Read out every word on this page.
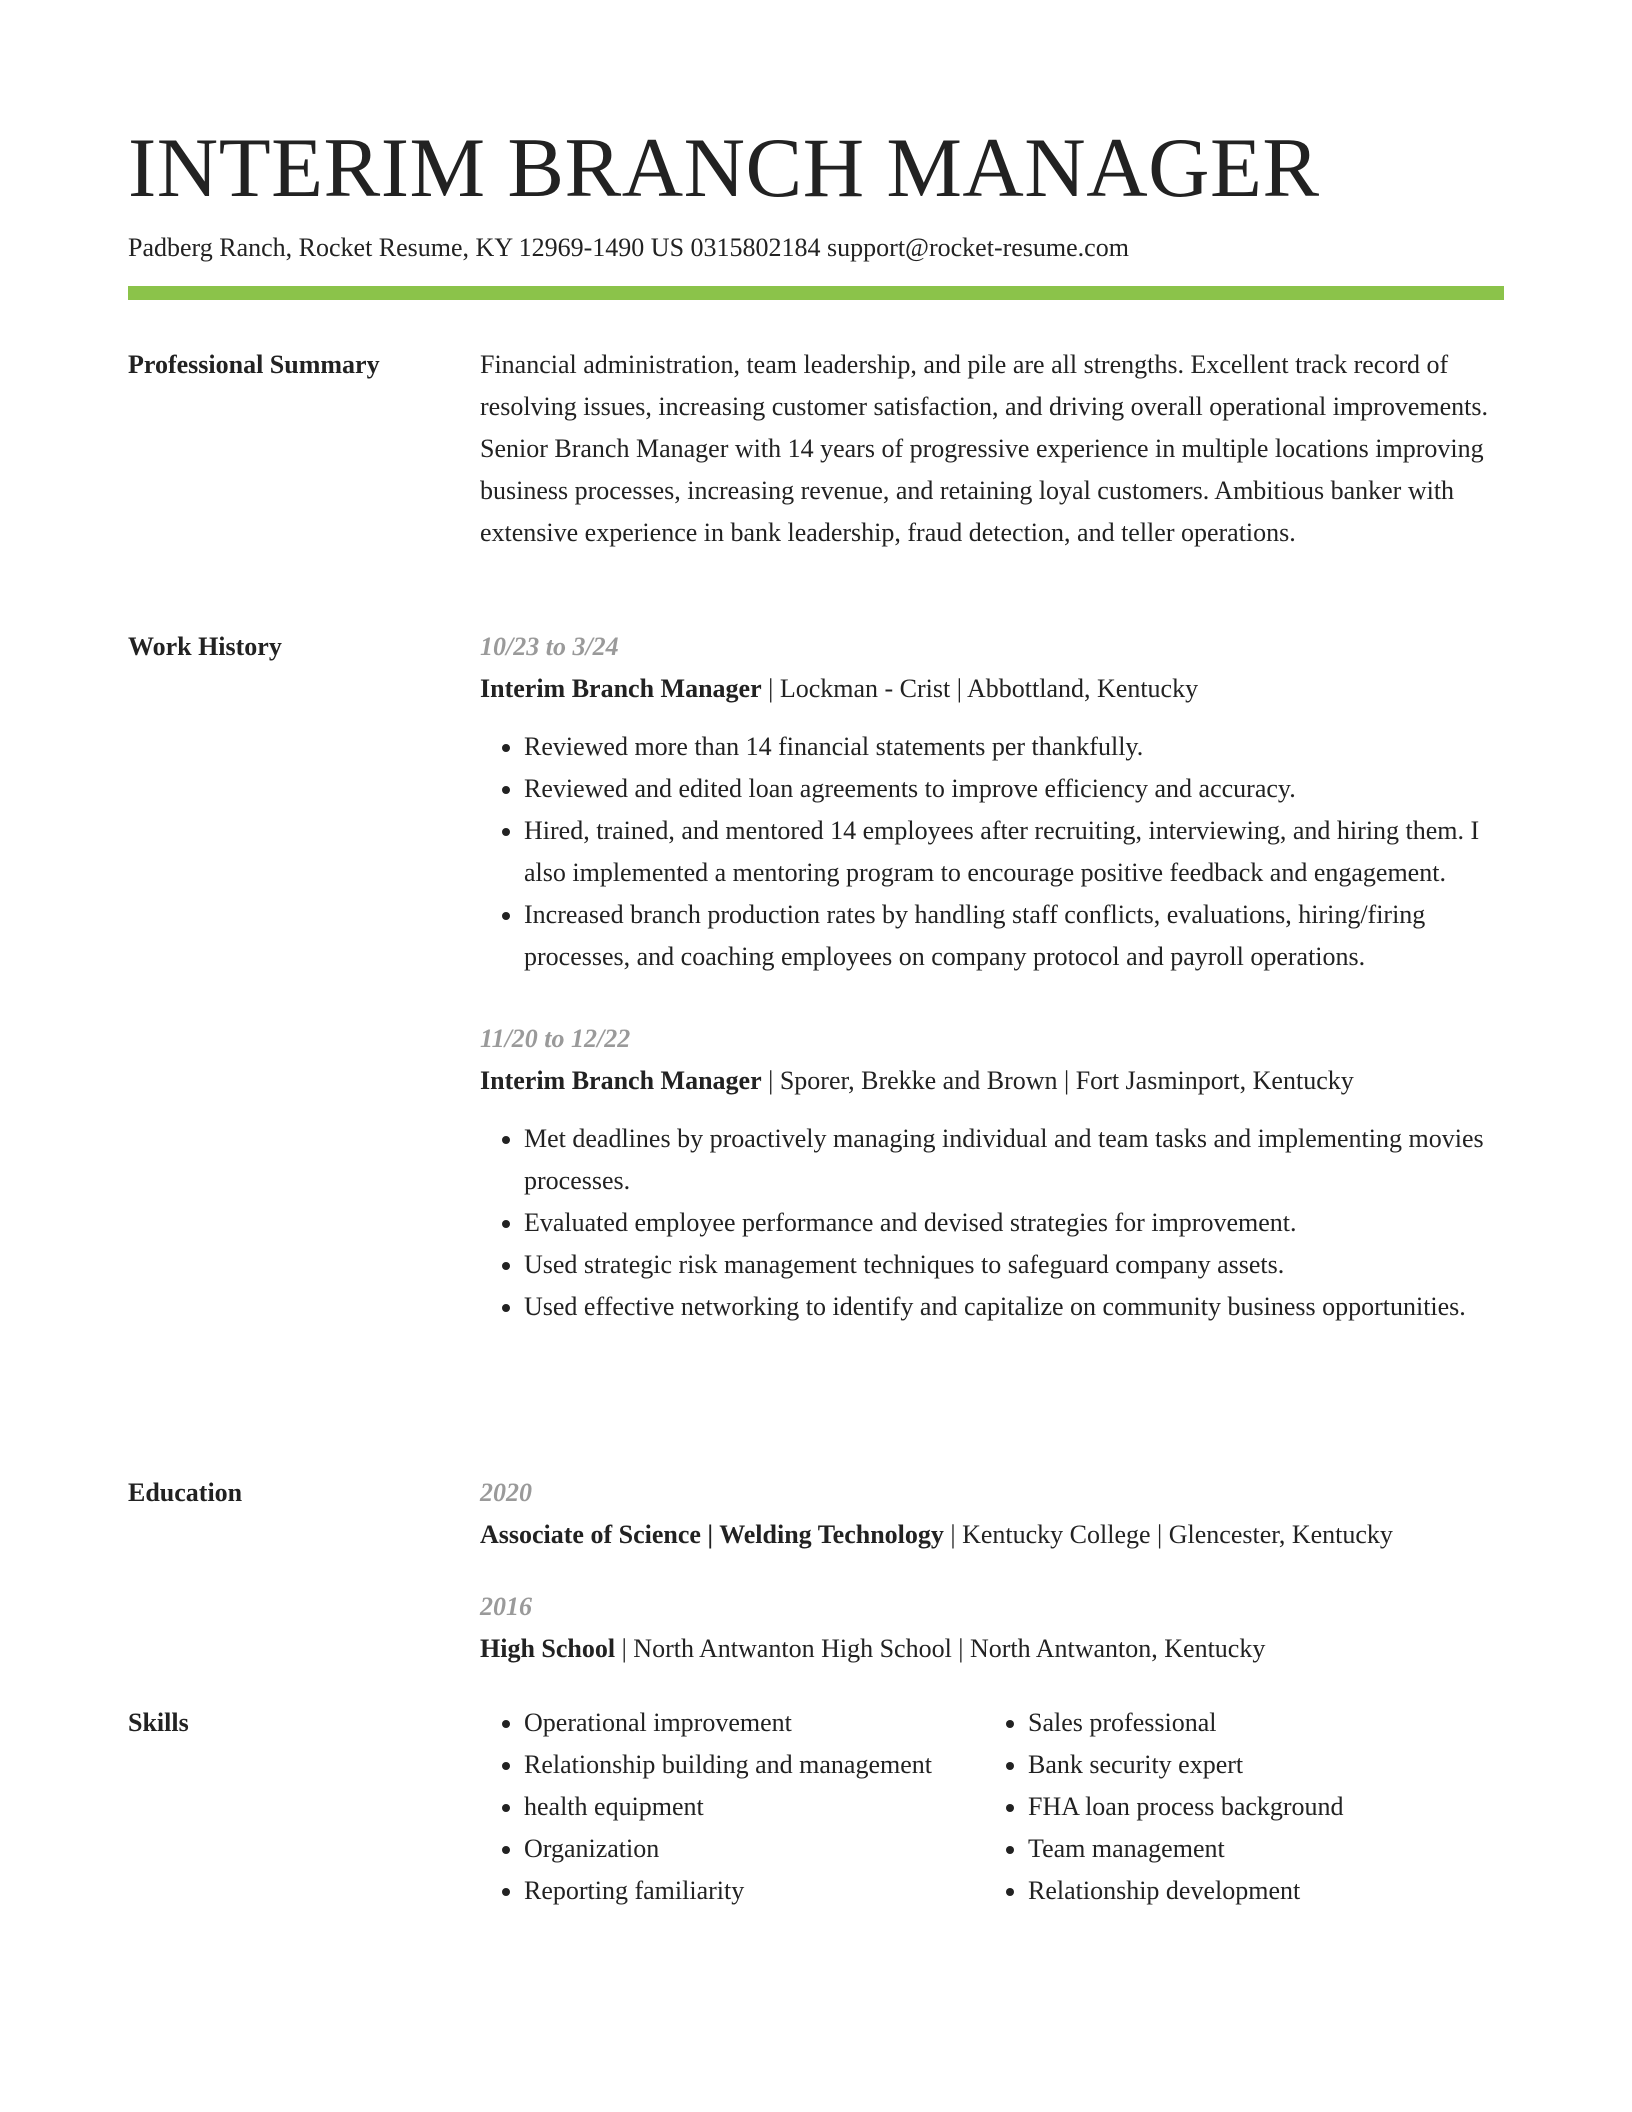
INTERIM BRANCH MANAGER
Padberg Ranch, Rocket Resume, KY 12969-1490 US 0315802184 support@rocket-resume.com
Professional Summary	Financial administration, team leadership, and pile are all strengths. Excellent track record of resolving issues, increasing customer satisfaction, and driving overall operational improvements. Senior Branch Manager with 14 years of progressive experience in multiple locations improving business processes, increasing revenue, and retaining loyal customers. Ambitious banker with extensive experience in bank leadership, fraud detection, and teller operations.

Work History	10/23 to 3/24
Interim Branch Manager | Lockman - Crist | Abbottland, Kentucky
• Reviewed more than 14 financial statements per thankfully.
• Reviewed and edited loan agreements to improve efficiency and accuracy.
• Hired, trained, and mentored 14 employees after recruiting, interviewing, and hiring them. I also implemented a mentoring program to encourage positive feedback and engagement.
• Increased branch production rates by handling staff conflicts, evaluations, hiring/firing processes, and coaching employees on company protocol and payroll operations.
11/20 to 12/22
Interim Branch Manager | Sporer, Brekke and Brown | Fort Jasminport, Kentucky
• Met deadlines by proactively managing individual and team tasks and implementing movies processes.
• Evaluated employee performance and devised strategies for improvement.
• Used strategic risk management techniques to safeguard company assets.
• Used effective networking to identify and capitalize on community business opportunities.
Education	2020
Associate of Science | Welding Technology | Kentucky College | Glencester, Kentucky
2016
High School | North Antwanton High School | North Antwanton, Kentucky
Skills
•	Operational improvement
• Relationship building and management
• health equipment
• Organization
• Reporting familiarity
• Sales professional
• Bank security expert
• FHA loan process background
• Team management
• Relationship development
